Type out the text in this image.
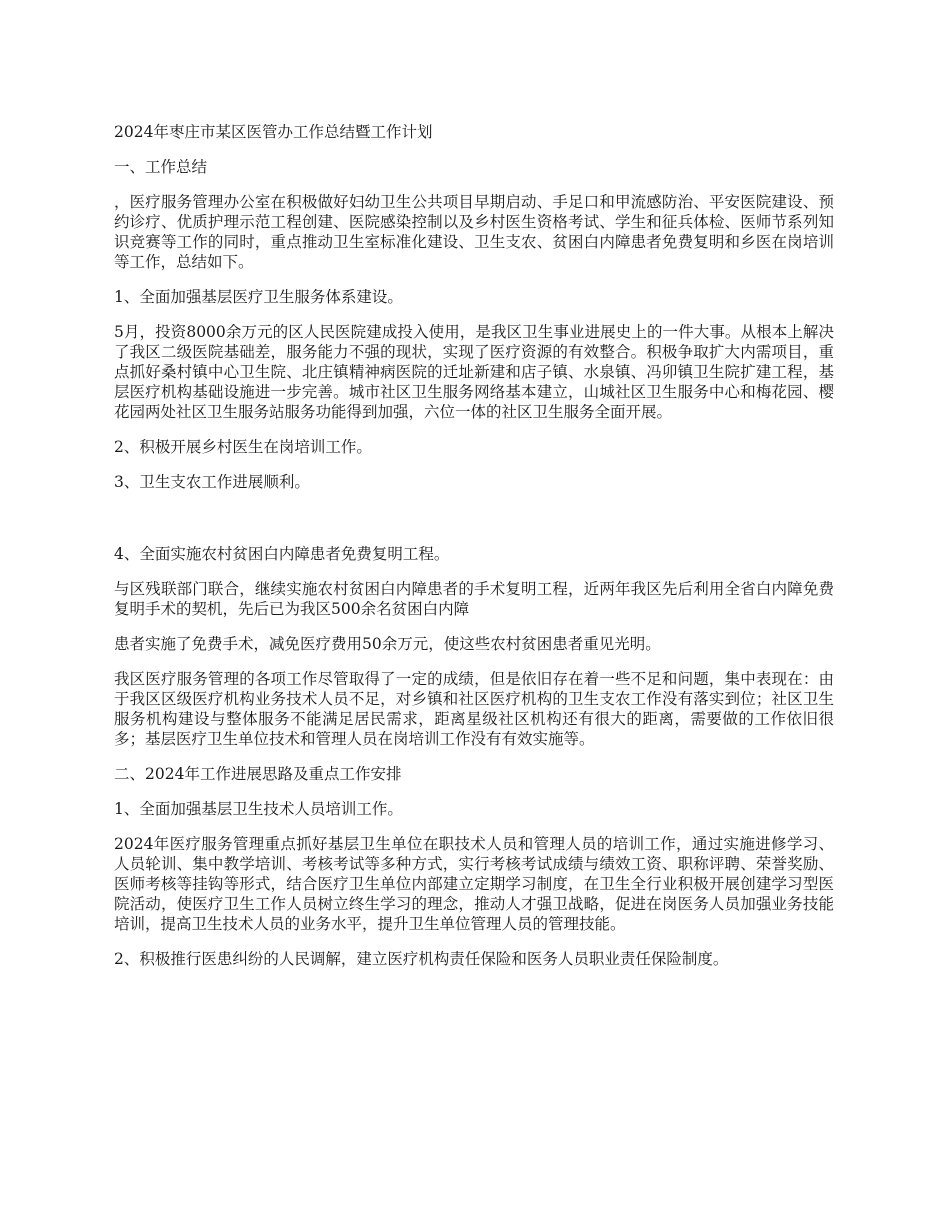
2024年枣庄市某区医管办工作总结暨工作计划

一、工作总结

，医疗服务管理办公室在积极做好妇幼卫生公共项目早期启动、手足口和甲流感防治、平安医院建设、预约诊疗、优质护理示范工程创建、医院感染控制以及乡村医生资格考试、学生和征兵体检、医师节系列知识竞赛等工作的同时，重点推动卫生室标准化建设、卫生支农、贫困白内障患者免费复明和乡医在岗培训等工作，总结如下。

1、全面加强基层医疗卫生服务体系建设。

5月，投资8000余万元的区人民医院建成投入使用，是我区卫生事业进展史上的一件大事。从根本上解决了我区二级医院基础差，服务能力不强的现状，实现了医疗资源的有效整合。积极争取扩大内需项目，重点抓好桑村镇中心卫生院、北庄镇精神病医院的迁址新建和店子镇、水泉镇、冯卯镇卫生院扩建工程，基层医疗机构基础设施进一步完善。城市社区卫生服务网络基本建立，山城社区卫生服务中心和梅花园、樱花园两处社区卫生服务站服务功能得到加强，六位一体的社区卫生服务全面开展。

2、积极开展乡村医生在岗培训工作。

3、卫生支农工作进展顺利。

4、全面实施农村贫困白内障患者免费复明工程。

与区残联部门联合，继续实施农村贫困白内障患者的手术复明工程，近两年我区先后利用全省白内障免费复明手术的契机，先后已为我区500余名贫困白内障

患者实施了免费手术，减免医疗费用50余万元，使这些农村贫困患者重见光明。

我区医疗服务管理的各项工作尽管取得了一定的成绩，但是依旧存在着一些不足和问题，集中表现在：由于我区区级医疗机构业务技术人员不足，对乡镇和社区医疗机构的卫生支农工作没有落实到位；社区卫生服务机构建设与整体服务不能满足居民需求，距离星级社区机构还有很大的距离，需要做的工作依旧很多；基层医疗卫生单位技术和管理人员在岗培训工作没有有效实施等。

二、2024年工作进展思路及重点工作安排

1、全面加强基层卫生技术人员培训工作。

2024年医疗服务管理重点抓好基层卫生单位在职技术人员和管理人员的培训工作，通过实施进修学习、人员轮训、集中教学培训、考核考试等多种方式，实行考核考试成绩与绩效工资、职称评聘、荣誉奖励、医师考核等挂钩等形式，结合医疗卫生单位内部建立定期学习制度，在卫生全行业积极开展创建学习型医院活动，使医疗卫生工作人员树立终生学习的理念，推动人才强卫战略，促进在岗医务人员加强业务技能培训，提高卫生技术人员的业务水平，提升卫生单位管理人员的管理技能。

2、积极推行医患纠纷的人民调解，建立医疗机构责任保险和医务人员职业责任保险制度。
